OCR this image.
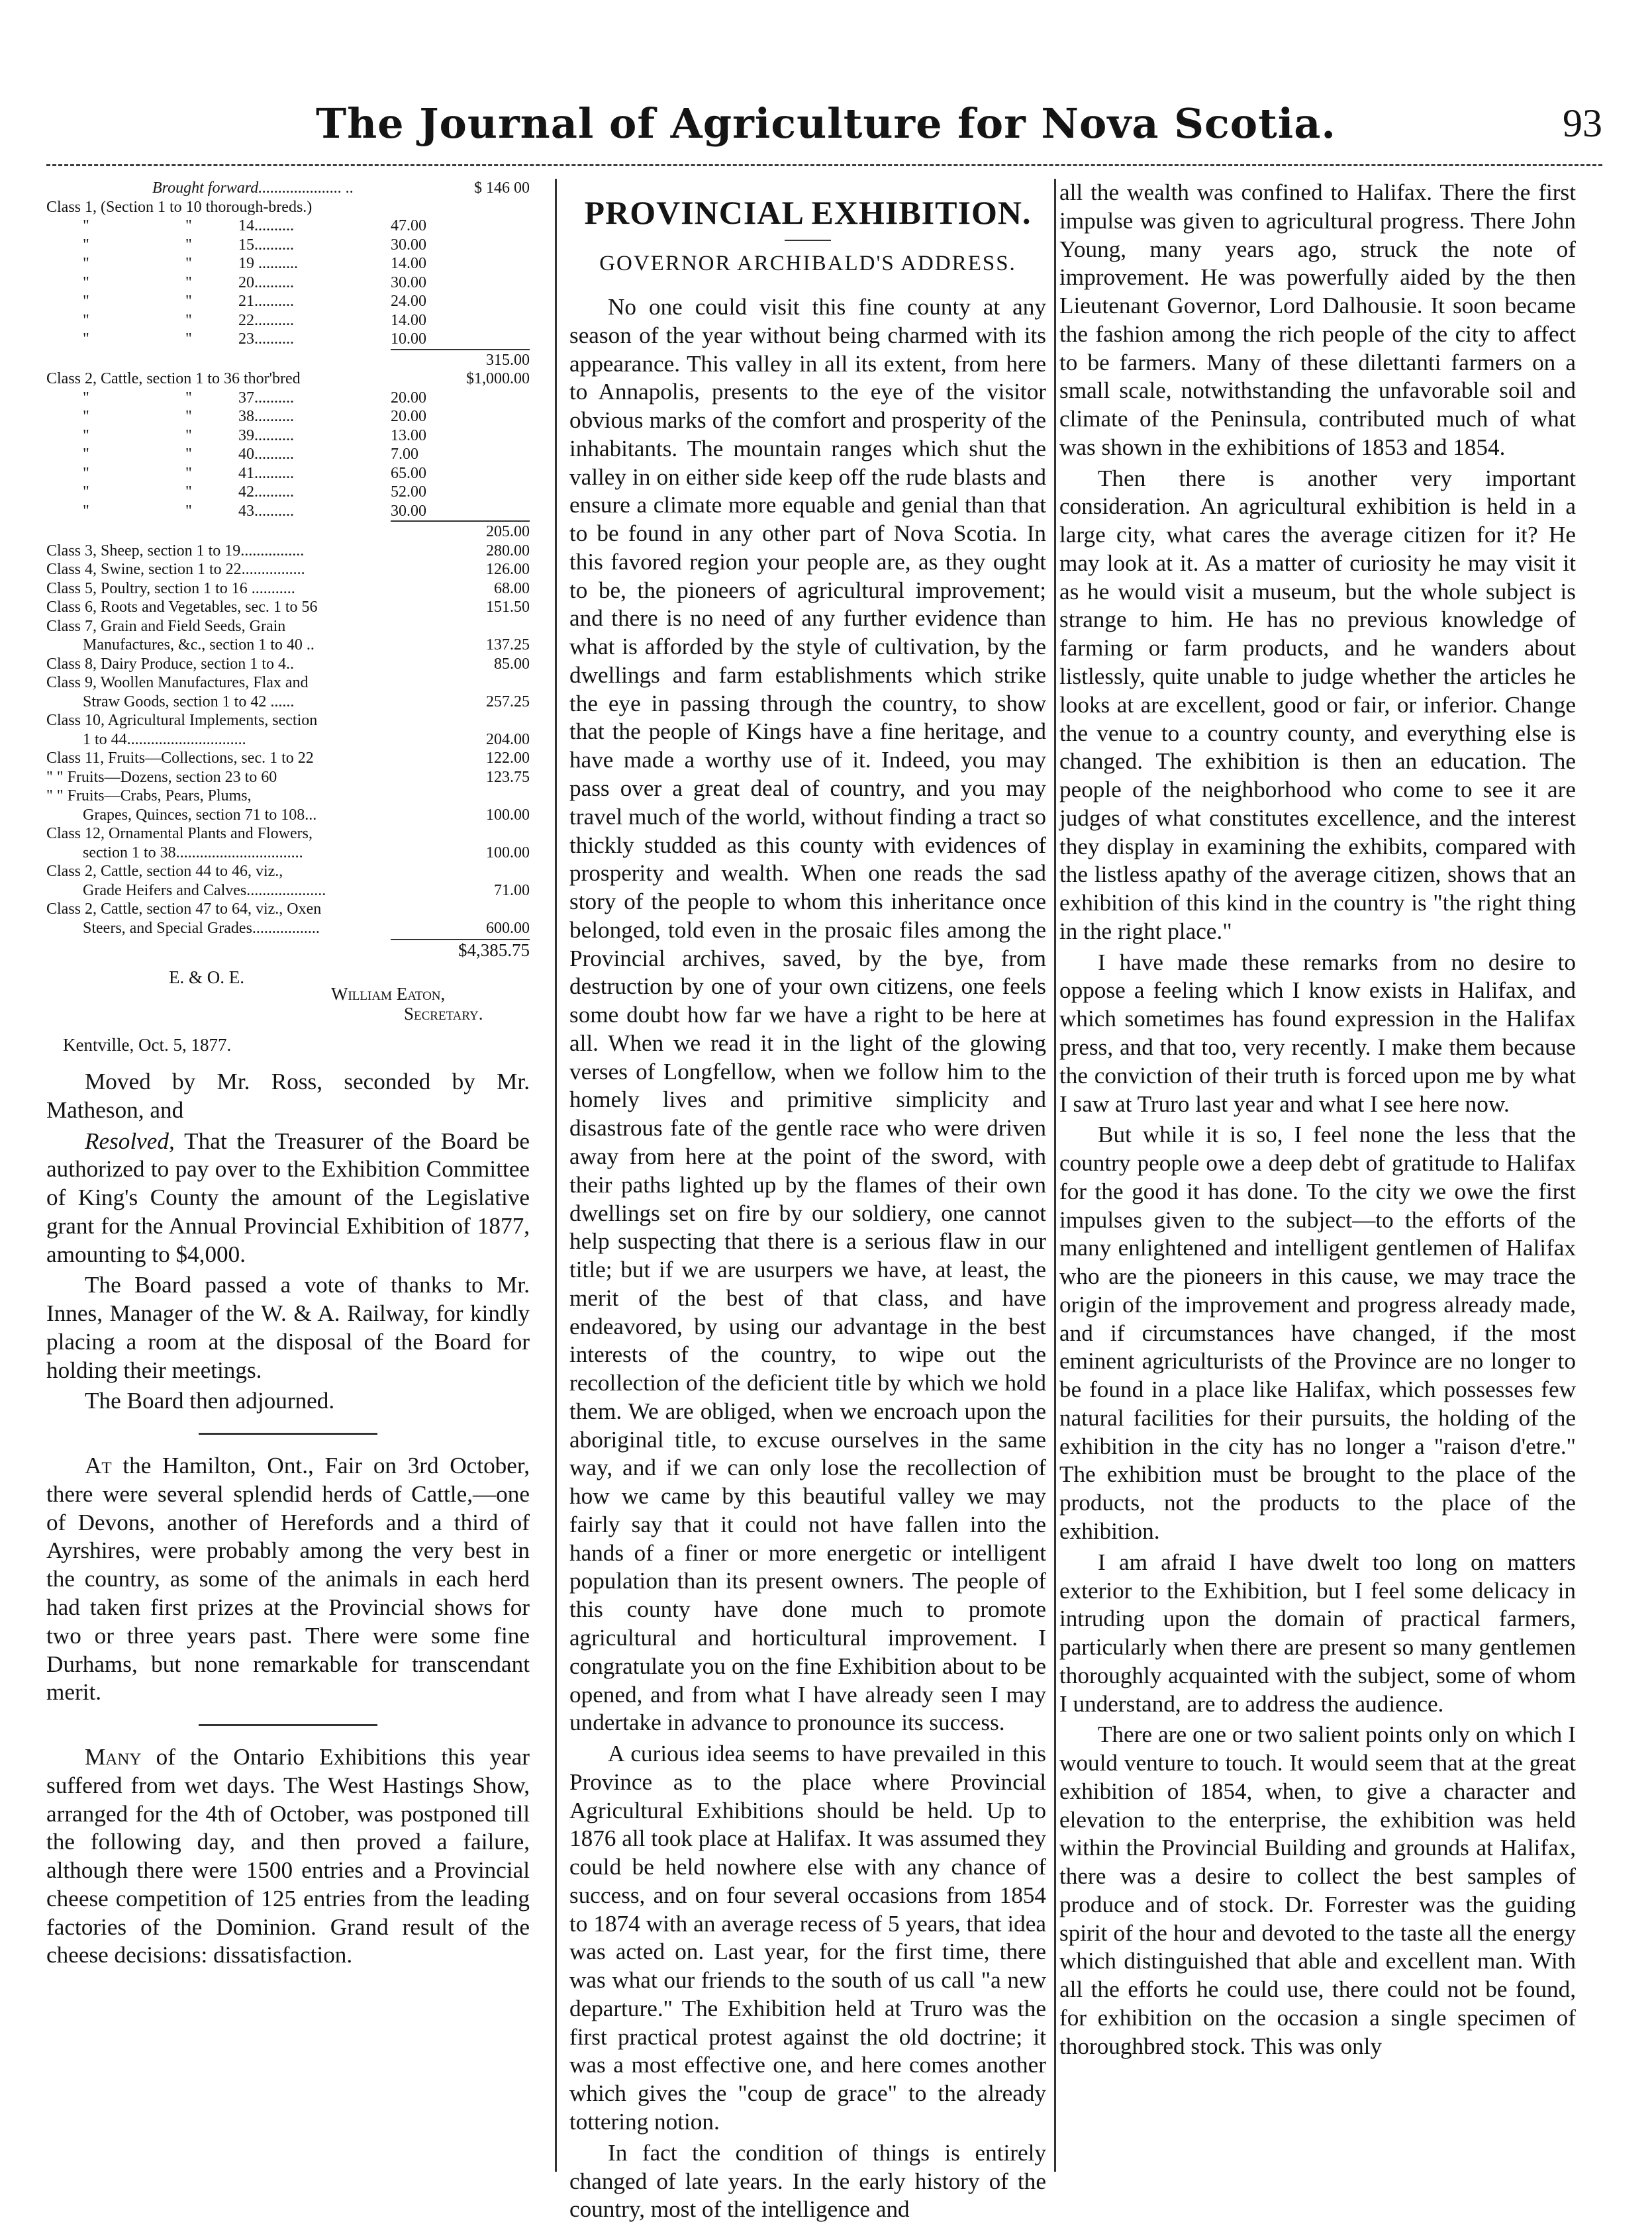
The Journal of Agriculture for Nova Scotia.	93
Brought forward..................... ..	$ 146 00
Class 1, (Section 1 to 10 thorough-breds.)
"	"	14..........	47.00
"	"	15..........	30.00
"	"	19 ..........	14.00
"	"	20..........	30.00
"	"	21..........	24.00
"	"	22..........	14.00
"	"	23..........	10.00
315.00
Class 2, Cattle, section 1 to 36 thor'bred	$1,000.00
"	"	37..........	20.00
"	"	38..........	20.00
"	"	39..........	13.00
"	"	40..........	7.00
"	"	41..........	65.00
"	"	42..........	52.00
"	"	43..........	30.00
205.00
Class 3, Sheep, section 1 to 19................	280.00
Class 4, Swine, section 1 to 22................	126.00
Class 5, Poultry, section 1 to 16 ...........	68.00
Class 6, Roots and Vegetables, sec. 1 to 56	151.50
Class 7, Grain and Field Seeds, Grain
Manufactures, &c., section 1 to 40 ..	137.25
Class 8, Dairy Produce, section 1 to 4..	85.00
Class 9, Woollen Manufactures, Flax and
Straw Goods, section 1 to 42 ......	257.25
Class 10, Agricultural Implements, section
1 to 44..............................	204.00
Class 11, Fruits—Collections, sec. 1 to 22	122.00
" " Fruits—Dozens, section 23 to 60	123.75
" " Fruits—Crabs, Pears, Plums,
Grapes, Quinces, section 71 to 108...	100.00
Class 12, Ornamental Plants and Flowers,
section 1 to 38................................	100.00
Class 2, Cattle, section 44 to 46, viz.,
Grade Heifers and Calves....................	71.00
Class 2, Cattle, section 47 to 64, viz., Oxen
Steers, and Special Grades.................	600.00
$4,385.75
E. & O. E.
William Eaton,
Secretary.
Kentville, Oct. 5, 1877.

Moved by Mr. Ross, seconded by Mr. Matheson, and

Resolved, That the Treasurer of the Board be authorized to pay over to the Exhibition Committee of King's County the amount of the Legislative grant for the Annual Provincial Exhibition of 1877, amounting to $4,000.

The Board passed a vote of thanks to Mr. Innes, Manager of the W. & A. Railway, for kindly placing a room at the disposal of the Board for holding their meetings.

The Board then adjourned.

At the Hamilton, Ont., Fair on 3rd October, there were several splendid herds of Cattle,—one of Devons, another of Herefords and a third of Ayrshires, were probably among the very best in the country, as some of the animals in each herd had taken first prizes at the Provincial shows for two or three years past. There were some fine Durhams, but none remarkable for transcendant merit.

Many of the Ontario Exhibitions this year suffered from wet days. The West Hastings Show, arranged for the 4th of October, was postponed till the following day, and then proved a failure, although there were 1500 entries and a Provincial cheese competition of 125 entries from the leading factories of the Dominion. Grand result of the cheese decisions: dissatisfaction.

PROVINCIAL EXHIBITION.
GOVERNOR ARCHIBALD'S ADDRESS.

No one could visit this fine county at any season of the year without being charmed with its appearance. This valley in all its extent, from here to Annapolis, presents to the eye of the visitor obvious marks of the comfort and prosperity of the inhabitants. The mountain ranges which shut the valley in on either side keep off the rude blasts and ensure a climate more equable and genial than that to be found in any other part of Nova Scotia. In this favored region your people are, as they ought to be, the pioneers of agricultural improvement; and there is no need of any further evidence than what is afforded by the style of cultivation, by the dwellings and farm establishments which strike the eye in passing through the country, to show that the people of Kings have a fine heritage, and have made a worthy use of it. Indeed, you may pass over a great deal of country, and you may travel much of the world, without finding a tract so thickly studded as this county with evidences of prosperity and wealth. When one reads the sad story of the people to whom this inheritance once belonged, told even in the prosaic files among the Provincial archives, saved, by the bye, from destruction by one of your own citizens, one feels some doubt how far we have a right to be here at all. When we read it in the light of the glowing verses of Longfellow, when we follow him to the homely lives and primitive simplicity and disastrous fate of the gentle race who were driven away from here at the point of the sword, with their paths lighted up by the flames of their own dwellings set on fire by our soldiery, one cannot help suspecting that there is a serious flaw in our title; but if we are usurpers we have, at least, the merit of the best of that class, and have endeavored, by using our advantage in the best interests of the country, to wipe out the recollection of the deficient title by which we hold them. We are obliged, when we encroach upon the aboriginal title, to excuse ourselves in the same way, and if we can only lose the recollection of how we came by this beautiful valley we may fairly say that it could not have fallen into the hands of a finer or more energetic or intelligent population than its present owners. The people of this county have done much to promote agricultural and horticultural improvement. I congratulate you on the fine Exhibition about to be opened, and from what I have already seen I may undertake in advance to pronounce its success.

A curious idea seems to have prevailed in this Province as to the place where Provincial Agricultural Exhibitions should be held. Up to 1876 all took place at Halifax. It was assumed they could be held nowhere else with any chance of success, and on four several occasions from 1854 to 1874 with an average recess of 5 years, that idea was acted on. Last year, for the first time, there was what our friends to the south of us call "a new departure." The Exhibition held at Truro was the first practical protest against the old doctrine; it was a most effective one, and here comes another which gives the "coup de grace" to the already tottering notion.

In fact the condition of things is entirely changed of late years. In the early history of the country, most of the intelligence and

all the wealth was confined to Halifax. There the first impulse was given to agricultural progress. There John Young, many years ago, struck the note of improvement. He was powerfully aided by the then Lieutenant Governor, Lord Dalhousie. It soon became the fashion among the rich people of the city to affect to be farmers. Many of these dilettanti farmers on a small scale, notwithstanding the unfavorable soil and climate of the Peninsula, contributed much of what was shown in the exhibitions of 1853 and 1854.

Then there is another very important consideration. An agricultural exhibition is held in a large city, what cares the average citizen for it? He may look at it. As a matter of curiosity he may visit it as he would visit a museum, but the whole subject is strange to him. He has no previous knowledge of farming or farm products, and he wanders about listlessly, quite unable to judge whether the articles he looks at are excellent, good or fair, or inferior. Change the venue to a country county, and everything else is changed. The exhibition is then an education. The people of the neighborhood who come to see it are judges of what constitutes excellence, and the interest they display in examining the exhibits, compared with the listless apathy of the average citizen, shows that an exhibition of this kind in the country is "the right thing in the right place."

I have made these remarks from no desire to oppose a feeling which I know exists in Halifax, and which sometimes has found expression in the Halifax press, and that too, very recently. I make them because the conviction of their truth is forced upon me by what I saw at Truro last year and what I see here now.

But while it is so, I feel none the less that the country people owe a deep debt of gratitude to Halifax for the good it has done. To the city we owe the first impulses given to the subject—to the efforts of the many enlightened and intelligent gentlemen of Halifax who are the pioneers in this cause, we may trace the origin of the improvement and progress already made, and if circumstances have changed, if the most eminent agriculturists of the Province are no longer to be found in a place like Halifax, which possesses few natural facilities for their pursuits, the holding of the exhibition in the city has no longer a "raison d'etre." The exhibition must be brought to the place of the products, not the products to the place of the exhibition.

I am afraid I have dwelt too long on matters exterior to the Exhibition, but I feel some delicacy in intruding upon the domain of practical farmers, particularly when there are present so many gentlemen thoroughly acquainted with the subject, some of whom I understand, are to address the audience.

There are one or two salient points only on which I would venture to touch. It would seem that at the great exhibition of 1854, when, to give a character and elevation to the enterprise, the exhibition was held within the Provincial Building and grounds at Halifax, there was a desire to collect the best samples of produce and of stock. Dr. Forrester was the guiding spirit of the hour and devoted to the taste all the energy which distinguished that able and excellent man. With all the efforts he could use, there could not be found, for exhibition on the occasion a single specimen of thoroughbred stock. This was only
